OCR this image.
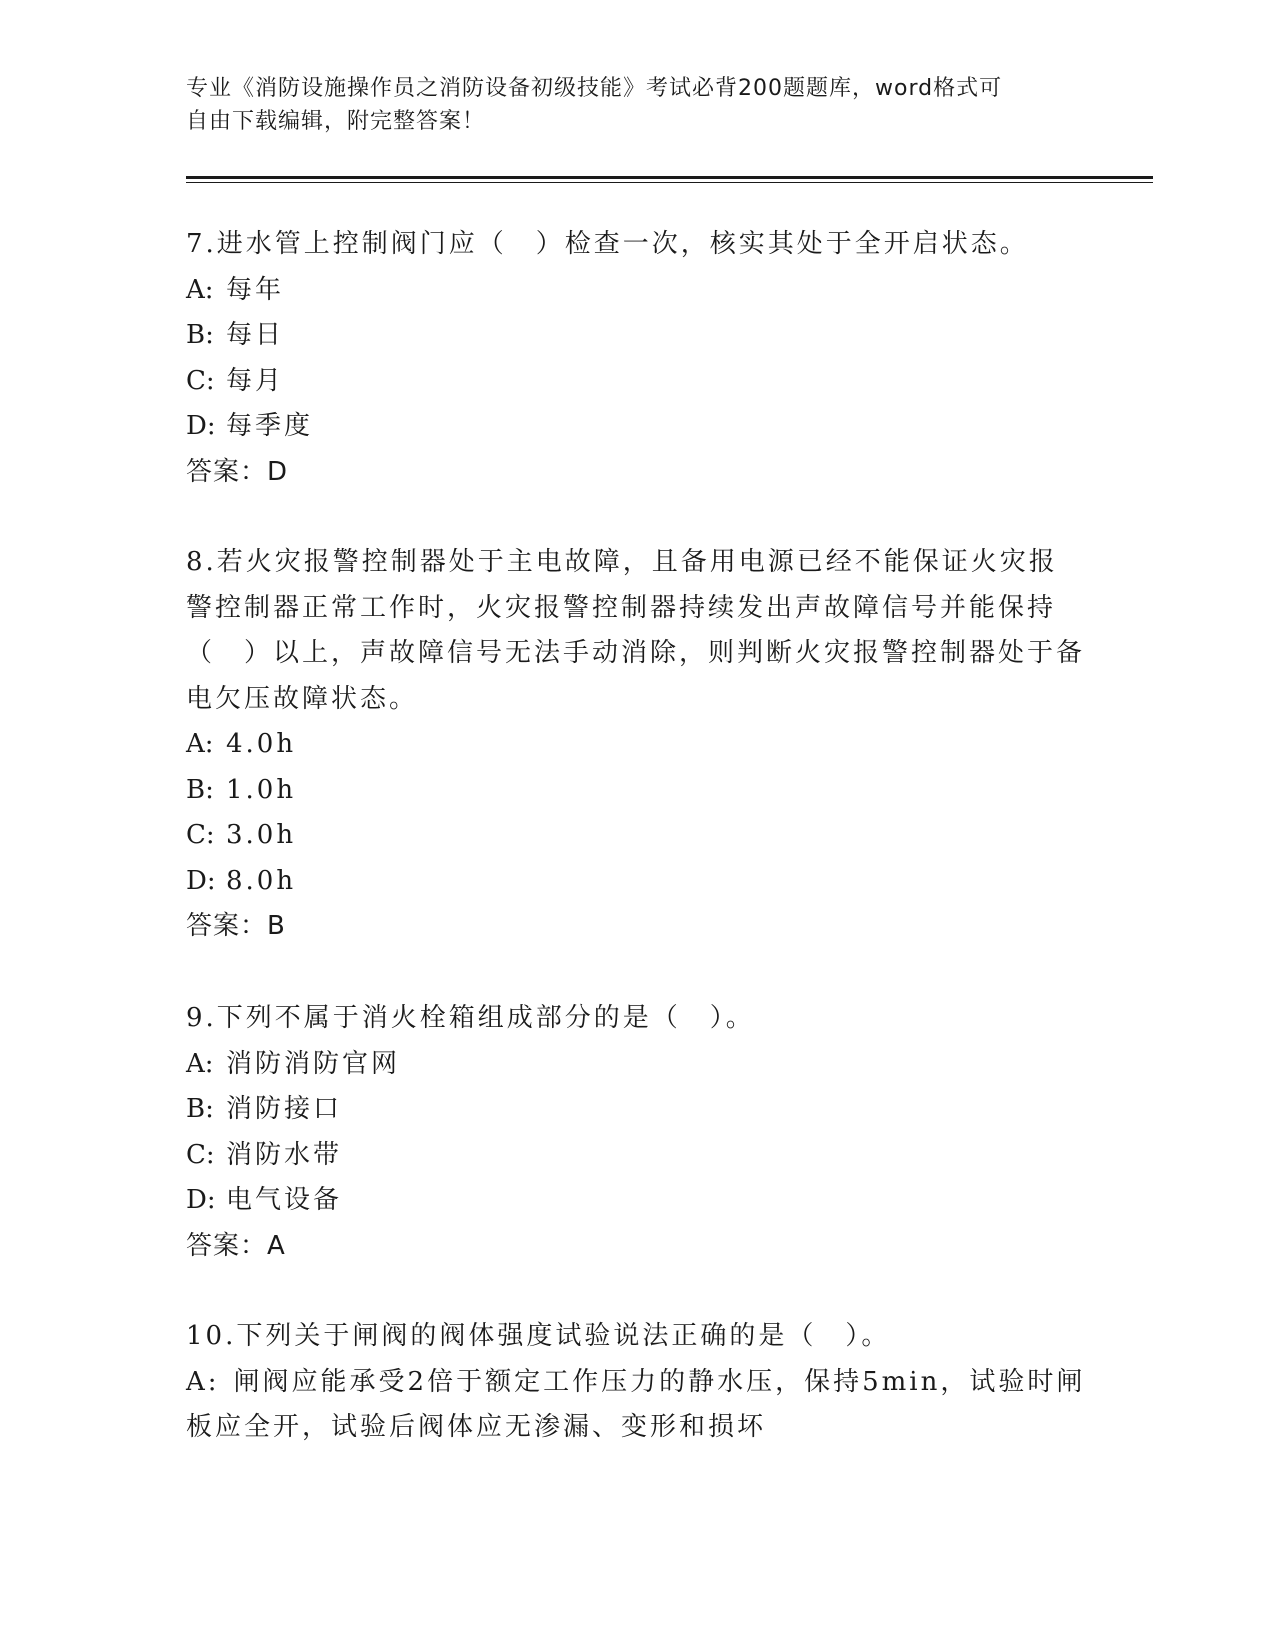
专业《消防设施操作员之消防设备初级技能》考试必背200题题库，word格式可
自由下载编辑，附完整答案！

7.进水管上控制阀门应（　）检查一次，核实其处于全开启状态。

A: 每年

B: 每日

C: 每月

D: 每季度

答案：D

8.若火灾报警控制器处于主电故障，且备用电源已经不能保证火灾报警控制器正常工作时，火灾报警控制器持续发出声故障信号并能保持（　）以上，声故障信号无法手动消除，则判断火灾报警控制器处于备电欠压故障状态。

A: 4.0h

B: 1.0h

C: 3.0h

D: 8.0h

答案：B

9.下列不属于消火栓箱组成部分的是（　）。

A: 消防消防官网

B: 消防接口

C: 消防水带

D: 电气设备

答案：A

10.下列关于闸阀的阀体强度试验说法正确的是（　）。

A: 闸阀应能承受2倍于额定工作压力的静水压，保持5min，试验时闸板应全开，试验后阀体应无渗漏、变形和损坏
